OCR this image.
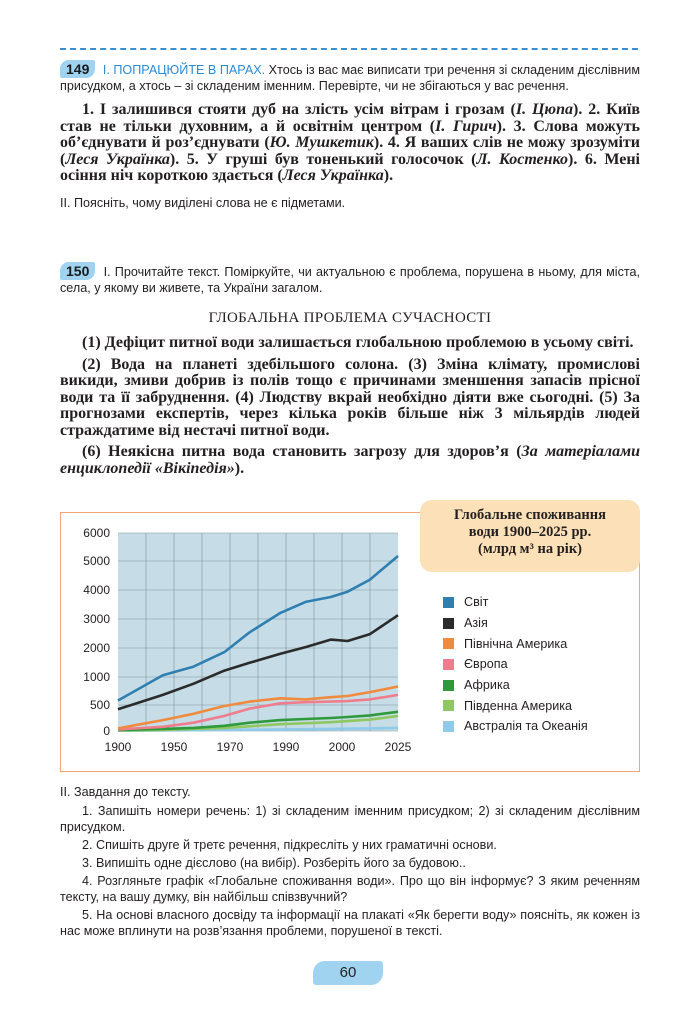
149 І. ПОПРАЦЮЙТЕ В ПАРАХ. Хтось із вас має виписати три речення зі складеним дієслівним присудком, а хтось – зі складеним іменним. Перевірте, чи не збігаються у вас речення.

1. І залишився стояти дуб на зліcть усім вітрам і грозам (І. Цюпа). 2. Київ став не тільки духовним, а й освітнім центром (І. Гирич). 3. Слова можуть об’єднувати й роз’єднувати (Ю. Мушкетик). 4. Я ваших слів не можу зрозуміти (Леся Українка). 5. У груші був тоненький голосочок (Л. Костенко). 6. Мені осіння ніч короткою здається (Леся Українка).

ІІ. Поясніть, чому виділені слова не є підметами.
150 І. Прочитайте текст. Поміркуйте, чи актуальною є проблема, порушена в ньому, для міста, села, у якому ви живете, та України загалом.
ГЛОБАЛЬНА ПРОБЛЕМА СУЧАСНОСТІ

(1) Дефіцит питної води залишається глобальною проблемою в усьому світі.

(2) Вода на планеті здебільшого солона. (3) Зміна клімату, промислові викиди, змиви добрив із полів тощо є причинами зменшення запасів прісної води та її забруднення. (4) Людству вкрай необхідно діяти вже сьогодні. (5) За прогнозами експертів, через кілька років більше ніж 3 мільярдів людей страждатиме від нестачі питної води.

(6) Неякісна питна вода становить загрозу для здоров’я (За матеріалами енциклопедії «Вікіпедія»).

Глобальне споживання
води 1900–2025 рр.
(млрд м³ на рік)
0
500
1000
2000
3000
4000
5000
6000
1900 1950 1970 1990 2000 2025
Світ
Азія
Північна Америка
Європа
Африка
Південна Америка
Австралія та Океанія

ІІ. Завдання до тексту.

1. Запишіть номери речень: 1) зі складеним іменним присудком; 2) зі складеним дієслівним присудком.

2. Спишіть друге й третє речення, підкресліть у них граматичні основи.

3. Випишіть одне дієслово (на вибір). Розберіть його за будовою..

4. Розгляньте графік «Глобальне споживання води». Про що він інформує? З яким реченням тексту, на вашу думку, він найбільш співзвучний?

5. На основі власного досвіду та інформації на плакаті «Як берегти воду» поясніть, як кожен із нас може вплинути на розв’язання проблеми, порушеної в тексті.

60
